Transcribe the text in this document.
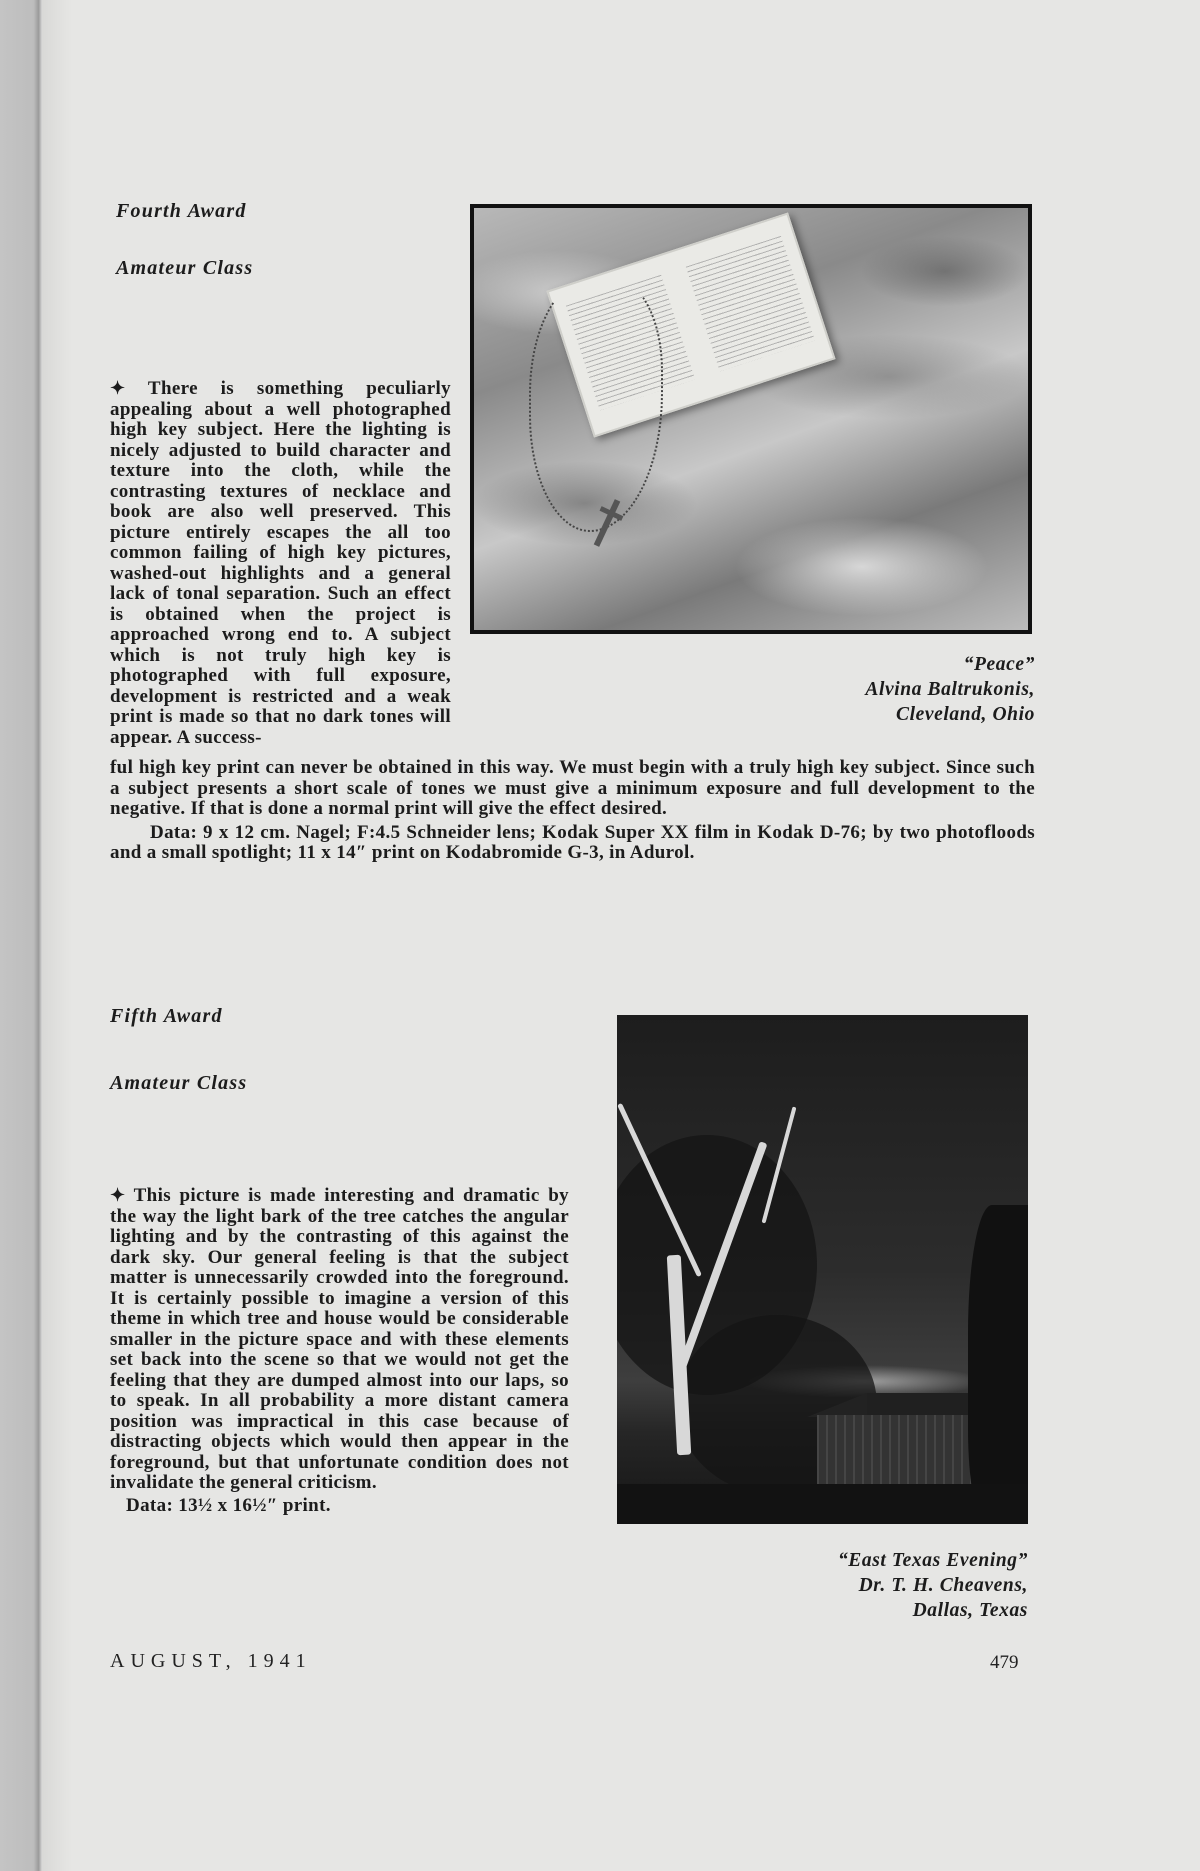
Fourth Award
Amateur Class

✦ There is something peculiarly appealing about a well photographed high key subject. Here the lighting is nicely adjusted to build character and texture into the cloth, while the contrasting textures of necklace and book are also well preserved. This picture entirely escapes the all too common failing of high key pictures, washed-out highlights and a general lack of tonal separation. Such an effect is obtained when the project is approached wrong end to. A subject which is not truly high key is photographed with full exposure, development is restricted and a weak print is made so that no dark tones will appear. A success-

ful high key print can never be obtained in this way. We must begin with a truly high key subject. Since such a subject presents a short scale of tones we must give a minimum exposure and full development to the negative. If that is done a normal print will give the effect desired.

Data: 9 x 12 cm. Nagel; F:4.5 Schneider lens; Kodak Super XX film in Kodak D-76; by two photofloods and a small spotlight; 11 x 14″ print on Kodabromide G-3, in Adurol.

“Peace”
Alvina Baltrukonis,
Cleveland, Ohio
Fifth Award
Amateur Class

✦ This picture is made interesting and dramatic by the way the light bark of the tree catches the angular lighting and by the contrasting of this against the dark sky. Our general feeling is that the subject matter is unnecessarily crowded into the foreground. It is certainly possible to imagine a version of this theme in which tree and house would be considerable smaller in the picture space and with these elements set back into the scene so that we would not get the feeling that they are dumped almost into our laps, so to speak. In all probability a more distant camera position was impractical in this case because of distracting objects which would then appear in the foreground, but that unfortunate condition does not invalidate the general criticism.

Data: 13½ x 16½″ print.

“East Texas Evening”
Dr. T. H. Cheavens,
Dallas, Texas
AUGUST, 1941	479
